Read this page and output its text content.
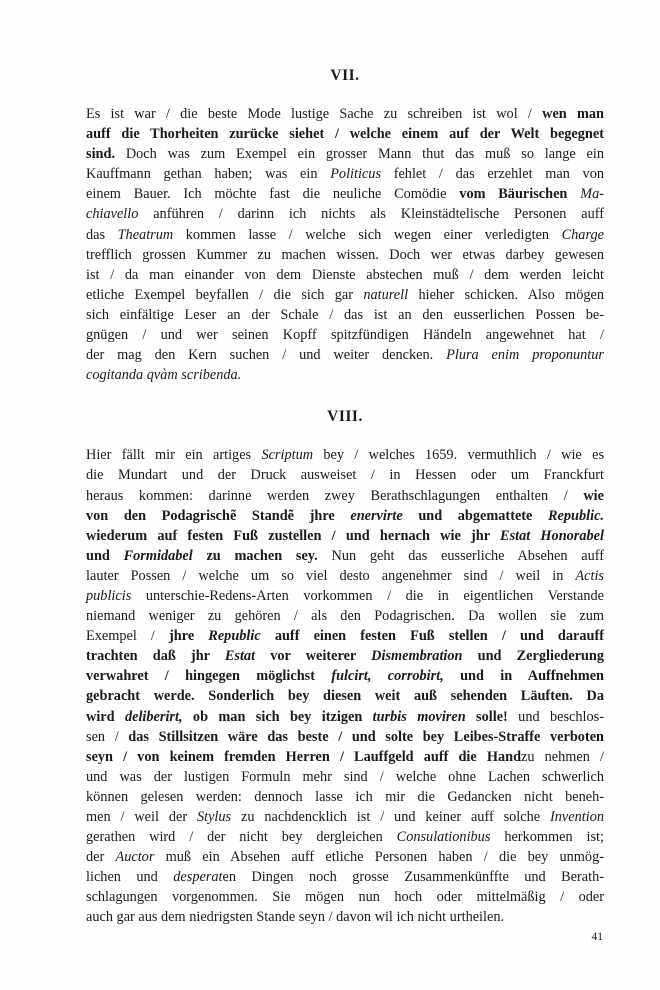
VII.
Es ist war / die beste Mode lustige Sache zu schreiben ist wol / wen man
auff die Thorheiten zurücke siehet / welche einem auf der Welt begegnet
sind. Doch was zum Exempel ein grosser Mann thut das muß so lange ein
Kauffmann gethan haben; was ein Politicus fehlet / das erzehlet man von
einem Bauer. Ich möchte fast die neuliche Comödie vom Bäurischen Ma-
chiavello anführen / darinn ich nichts als Kleinstädtelische Personen auff
das Theatrum kommen lasse / welche sich wegen einer verledigten Charge
trefflich grossen Kummer zu machen wissen. Doch wer etwas darbey gewesen
ist / da man einander von dem Dienste abstechen muß / dem werden leicht
etliche Exempel beyfallen / die sich gar naturell hieher schicken. Also mögen
sich einfältige Leser an der Schale / das ist an den eusserlichen Possen be-
gnügen / und wer seinen Kopff spitzfündigen Händeln angewehnet hat /
der mag den Kern suchen / und weiter dencken. Plura enim proponuntur
cogitanda qvàm scribenda.
VIII.
Hier fällt mir ein artiges Scriptum bey / welches 1659. vermuthlich / wie es
die Mundart und der Druck ausweiset / in Hessen oder um Franckfurt
heraus kommen: darinne werden zwey Berathschlagungen enthalten / wie
von den Podagrischẽ Standẽ jhre enervirte und abgemattete Republic.
wiederum auf festen Fuß zustellen / und hernach wie jhr Estat Honorabel
und Formidabel zu machen sey. Nun geht das eusserliche Absehen auff
lauter Possen / welche um so viel desto angenehmer sind / weil in Actis
publicis unterschie-Redens-Arten vorkommen / die in eigentlichen Verstande
niemand weniger zu gehören / als den Podagrischen. Da wollen sie zum
Exempel / jhre Republic auff einen festen Fuß stellen / und darauff
trachten daß jhr Estat vor weiterer Dismembration und Zergliederung
verwahret / hingegen möglichst fulcirt, corrobirt, und in Auffnehmen
gebracht werde. Sonderlich bey diesen weit auß sehenden Läuften. Da
wird deliberirt, ob man sich bey itzigen turbis moviren solle! und beschlos-
sen / das Stillsitzen wäre das beste / und solte bey Leibes-Straffe verboten
seyn / von keinem fremden Herren / Lauffgeld auff die Handzu nehmen /
und was der lustigen Formuln mehr sind / welche ohne Lachen schwerlich
können gelesen werden: dennoch lasse ich mir die Gedancken nicht beneh-
men / weil der Stylus zu nachdencklich ist / und keiner auff solche Invention
gerathen wird / der nicht bey dergleichen Consulationibus herkommen ist;
der Auctor muß ein Absehen auff etliche Personen haben / die bey unmög-
lichen und desperaten Dingen noch grosse Zusammenkünffte und Berath-
schlagungen vorgenommen. Sie mögen nun hoch oder mittelmäßig / oder
auch gar aus dem niedrigsten Stande seyn / davon wil ich nicht urtheilen.
41
